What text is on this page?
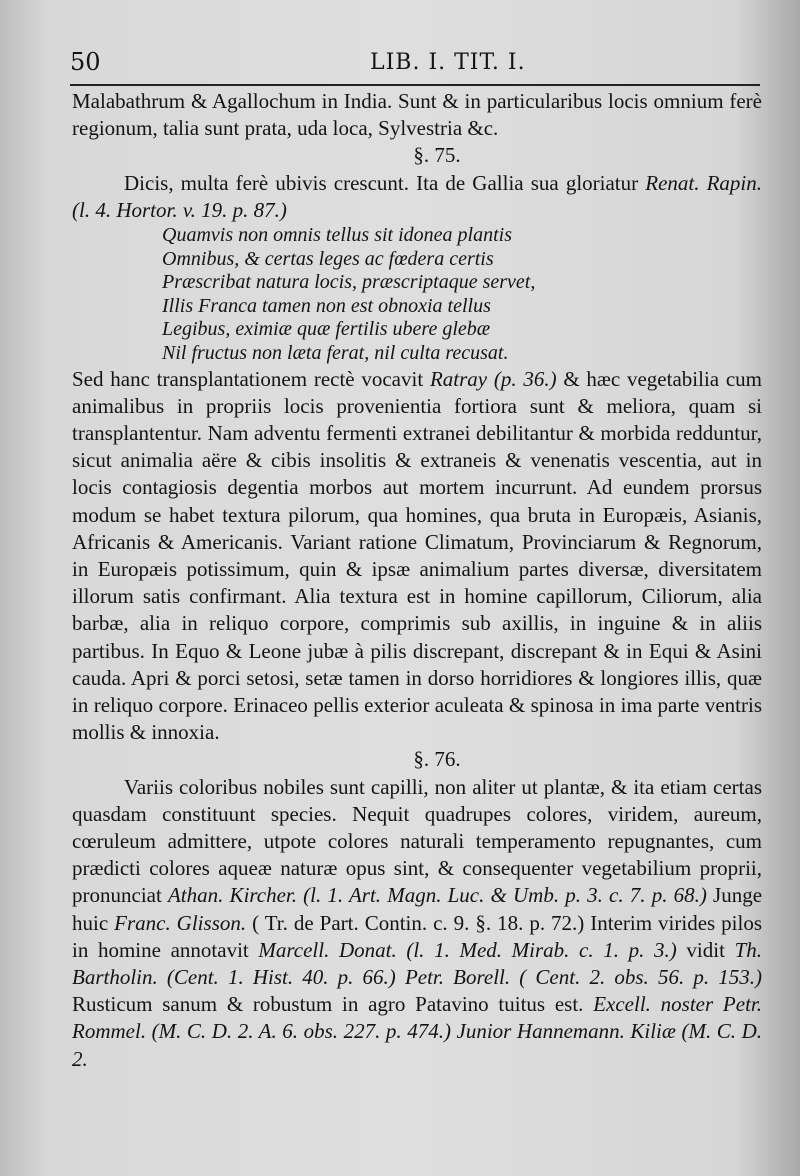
50	LIB. I. TIT. I.

Malabathrum & Agallochum in India. Sunt & in particularibus locis omnium ferè regionum, talia sunt prata, uda loca, Sylvestria &c.

§. 75.

Dicis, multa ferè ubivis crescunt. Ita de Gallia sua gloriatur Renat. Rapin. (l. 4. Hortor. v. 19. p. 87.)

Quamvis non omnis tellus sit idonea plantis
Omnibus, & certas leges ac fœdera certis
Præscribat natura locis, præscriptaque servet,
Illis Franca tamen non est obnoxia tellus
Legibus, eximiæ quæ fertilis ubere glebæ
Nil fructus non læta ferat, nil culta recusat.

Sed hanc transplantationem rectè vocavit Ratray (p. 36.) & hæc vegetabilia cum animalibus in propriis locis provenientia fortiora sunt & meliora, quam si transplantentur. Nam adventu fermenti extranei debilitantur & morbida redduntur, sicut animalia aëre & cibis insolitis & extraneis & venenatis vescentia, aut in locis contagiosis degentia morbos aut mortem incurrunt. Ad eundem prorsus modum se habet textura pilorum, qua homines, qua bruta in Europæis, Asianis, Africanis & Americanis. Variant ratione Climatum, Provinciarum & Regnorum, in Europæis potissimum, quin & ipsæ animalium partes diversæ, diversitatem illorum satis confirmant. Alia textura est in homine capillorum, Ciliorum, alia barbæ, alia in reliquo corpore, comprimis sub axillis, in inguine & in aliis partibus. In Equo & Leone jubæ à pilis discrepant, discrepant & in Equi & Asini cauda. Apri & porci setosi, setæ tamen in dorso horridiores & longiores illis, quæ in reliquo corpore. Erinaceo pellis exterior aculeata & spinosa in ima parte ventris mollis & innoxia.

§. 76.

Variis coloribus nobiles sunt capilli, non aliter ut plantæ, & ita etiam certas quasdam constituunt species. Nequit quadrupes colores, viridem, aureum, cœruleum admittere, utpote colores naturali temperamento repugnantes, cum prædicti colores aqueæ naturæ opus sint, & consequenter vegetabilium proprii, pronunciat Athan. Kircher. (l. 1. Art. Magn. Luc. & Umb. p. 3. c. 7. p. 68.) Junge huic Franc. Glisson. ( Tr. de Part. Contin. c. 9. §. 18. p. 72.) Interim virides pilos in homine annotavit Marcell. Donat. (l. 1. Med. Mirab. c. 1. p. 3.) vidit Th. Bartholin. (Cent. 1. Hist. 40. p. 66.) Petr. Borell. ( Cent. 2. obs. 56. p. 153.) Rusticum sanum & robustum in agro Patavino tuitus est. Excell. noster Petr. Rommel. (M. C. D. 2. A. 6. obs. 227. p. 474.) Junior Hannemann. Kiliæ (M. C. D. 2.
